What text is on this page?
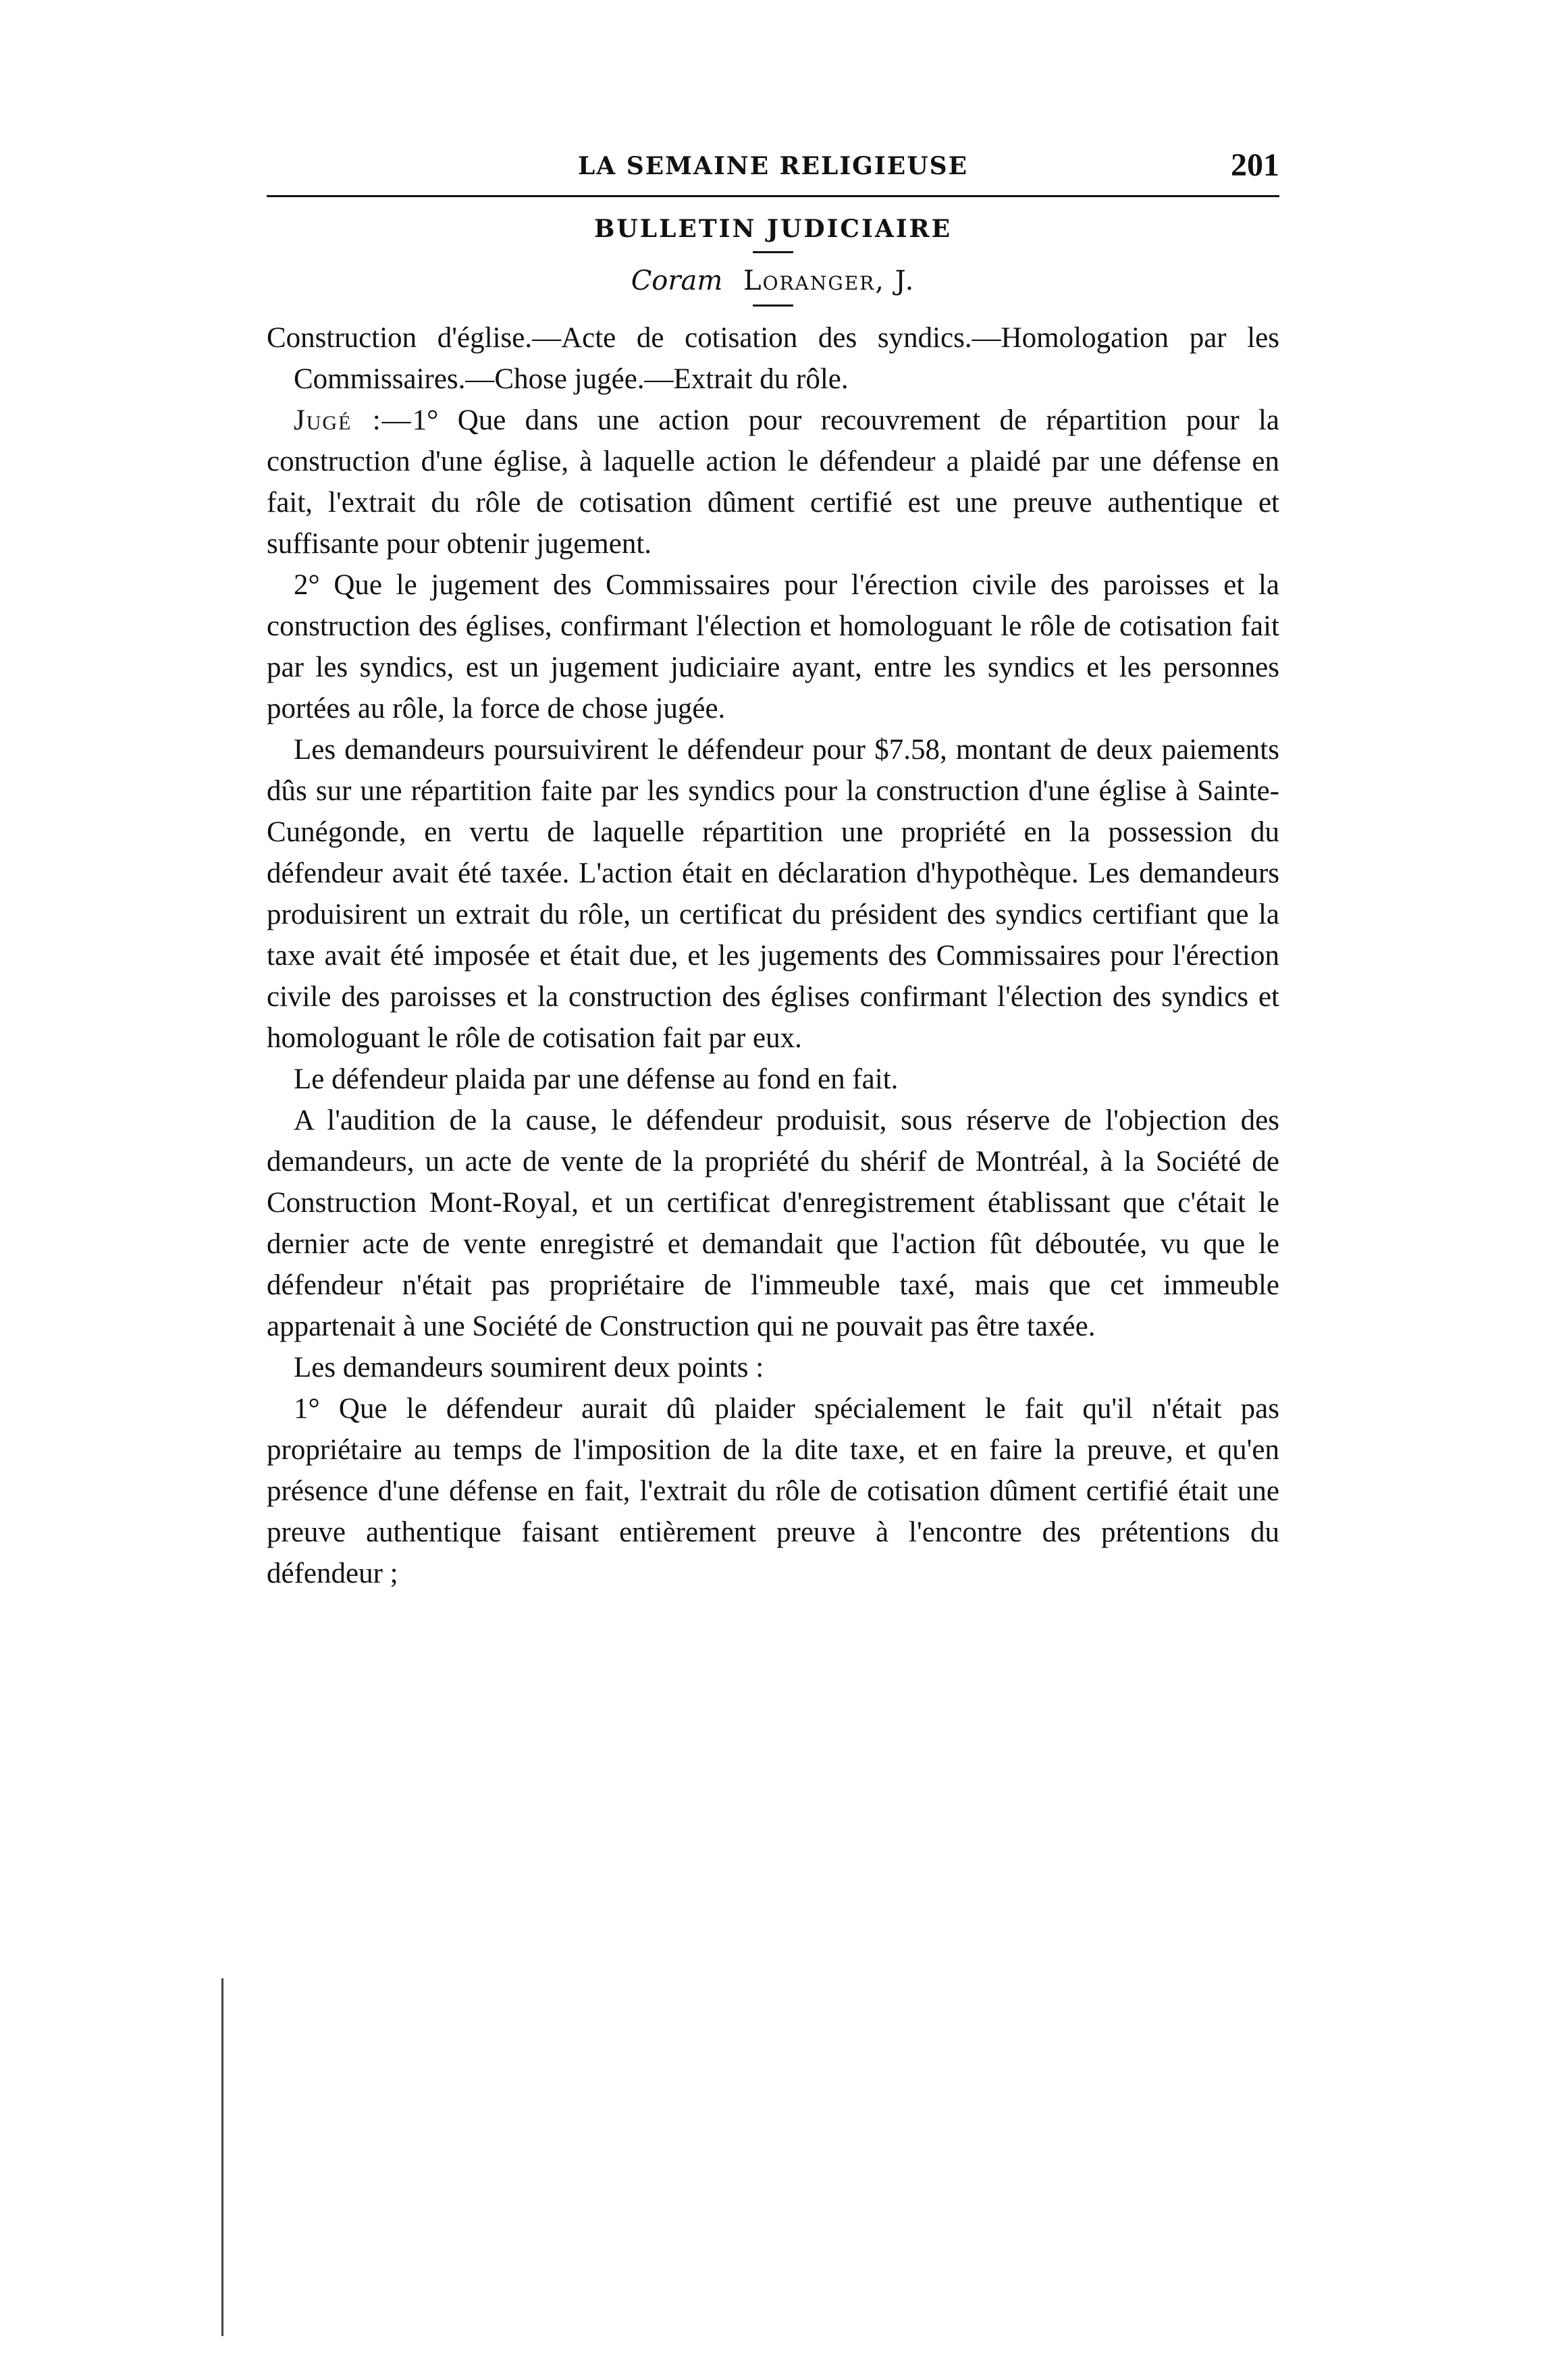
LA SEMAINE RELIGIEUSE	201
BULLETIN JUDICIAIRE
Coram Loranger, J.

Construction d'église.—Acte de cotisation des syndics.—Homologation par les Commissaires.—Chose jugée.—Extrait du rôle.

Jugé :—1° Que dans une action pour recouvrement de répartition pour la construction d'une église, à laquelle action le défendeur a plaidé par une défense en fait, l'extrait du rôle de cotisation dûment certifié est une preuve authentique et suffisante pour obtenir jugement.

2° Que le jugement des Commissaires pour l'érection civile des paroisses et la construction des églises, confirmant l'élection et homologuant le rôle de cotisation fait par les syndics, est un jugement judiciaire ayant, entre les syndics et les personnes portées au rôle, la force de chose jugée.

Les demandeurs poursuivirent le défendeur pour $7.58, montant de deux paiements dûs sur une répartition faite par les syndics pour la construction d'une église à Sainte-Cunégonde, en vertu de laquelle répartition une propriété en la possession du défendeur avait été taxée. L'action était en déclaration d'hypothèque. Les demandeurs produisirent un extrait du rôle, un certificat du président des syndics certifiant que la taxe avait été imposée et était due, et les jugements des Commissaires pour l'érection civile des paroisses et la construction des églises confirmant l'élection des syndics et homologuant le rôle de cotisation fait par eux.

Le défendeur plaida par une défense au fond en fait.

A l'audition de la cause, le défendeur produisit, sous réserve de l'objection des demandeurs, un acte de vente de la propriété du shérif de Montréal, à la Société de Construction Mont-Royal, et un certificat d'enregistrement établissant que c'était le dernier acte de vente enregistré et demandait que l'action fût déboutée, vu que le défendeur n'était pas propriétaire de l'immeuble taxé, mais que cet immeuble appartenait à une Société de Construction qui ne pouvait pas être taxée.

Les demandeurs soumirent deux points :

1° Que le défendeur aurait dû plaider spécialement le fait qu'il n'était pas propriétaire au temps de l'imposition de la dite taxe, et en faire la preuve, et qu'en présence d'une défense en fait, l'extrait du rôle de cotisation dûment certifié était une preuve authentique faisant entièrement preuve à l'encontre des prétentions du défendeur ;
